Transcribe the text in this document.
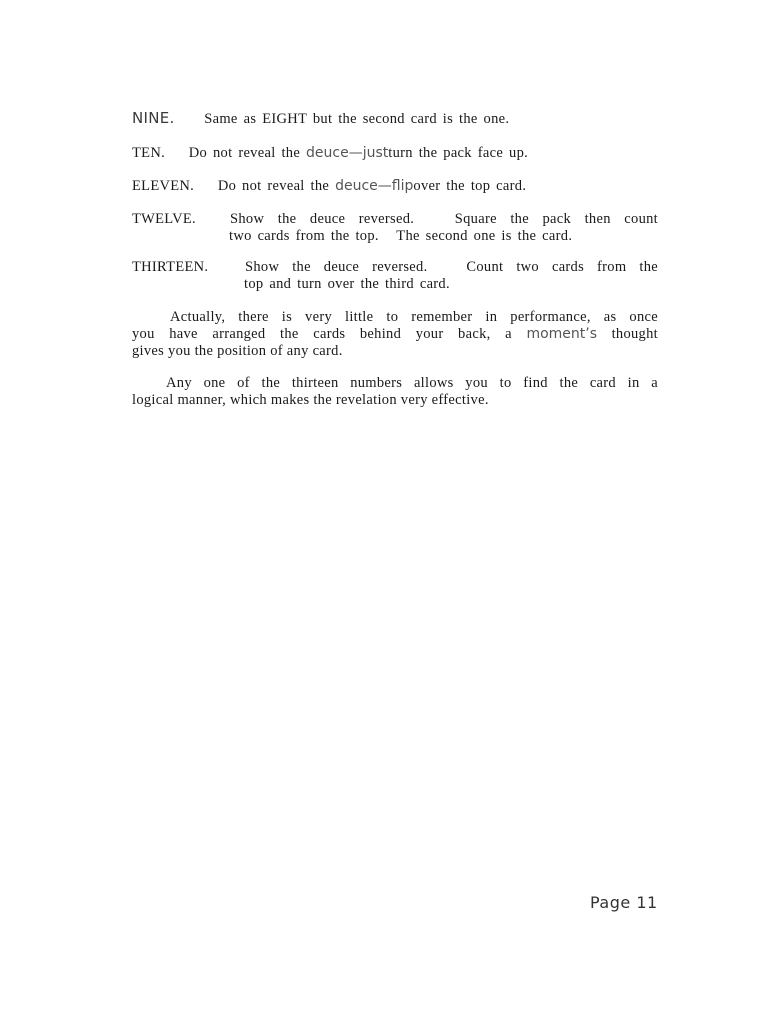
NINE. Same as EIGHT but the second card is the one.
TEN. Do not reveal the deuce—justturn the pack face up.
ELEVEN. Do not reveal the deuce—flipover the top card.
TWELVE.	Show the deuce reversed.   Square the pack then count
two cards from the top.   The second one is the card.
THIRTEEN.	Show the deuce reversed.   Count two cards from the
top and turn over the third card.
Actually, there is very little to remember in performance, as once
you have arranged the cards behind your back, a moment’s thought
gives you the position of any card.
Any one of the thirteen numbers allows you to find the card in a
logical manner, which makes the revelation very effective.
Page 11
